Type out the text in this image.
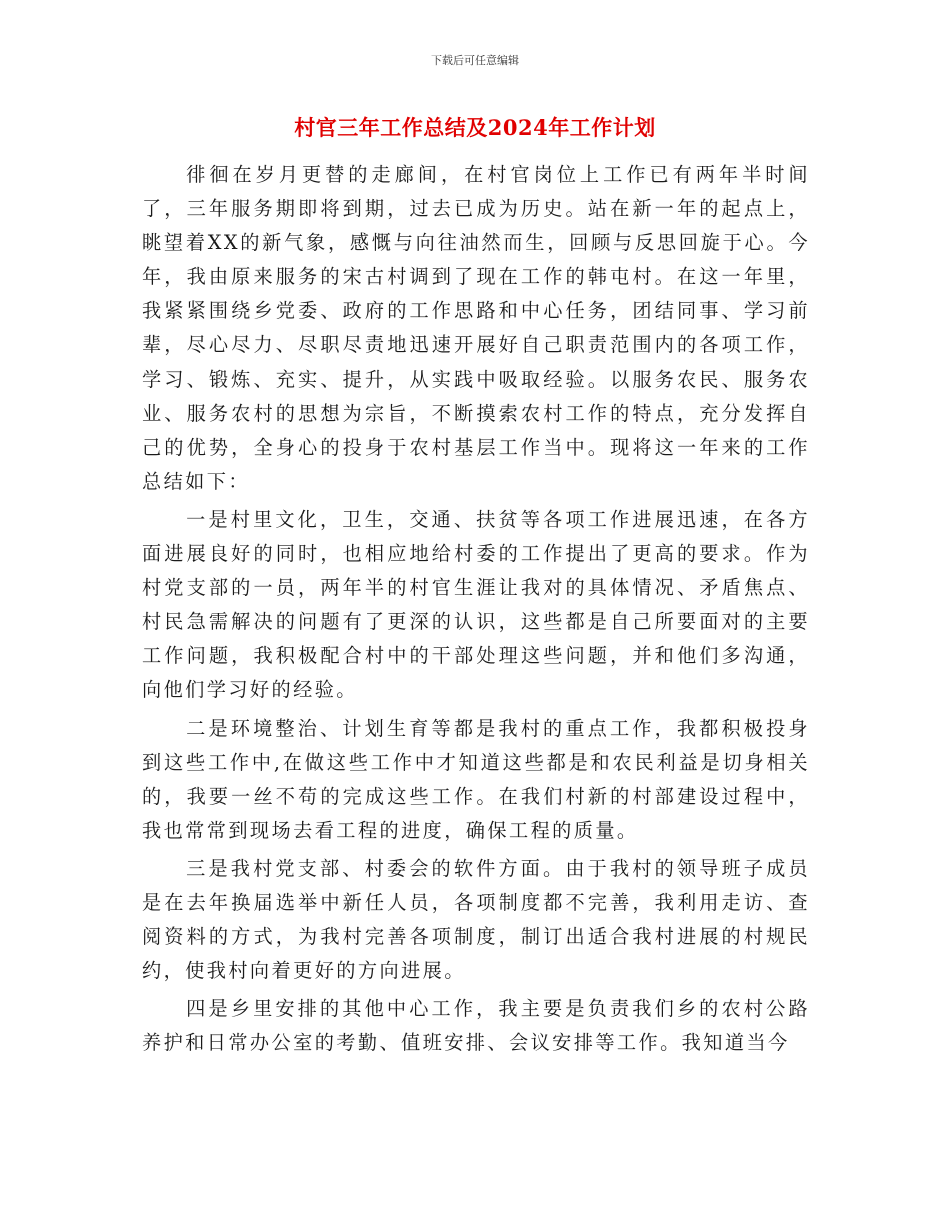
下载后可任意编辑
村官三年工作总结及2024年工作计划

徘徊在岁月更替的走廊间，在村官岗位上工作已有两年半时间了，三年服务期即将到期，过去已成为历史。站在新一年的起点上，眺望着XX的新气象，感慨与向往油然而生，回顾与反思回旋于心。今年，我由原来服务的宋古村调到了现在工作的韩屯村。在这一年里，我紧紧围绕乡党委、政府的工作思路和中心任务，团结同事、学习前辈，尽心尽力、尽职尽责地迅速开展好自己职责范围内的各项工作，学习、锻炼、充实、提升，从实践中吸取经验。以服务农民、服务农业、服务农村的思想为宗旨，不断摸索农村工作的特点，充分发挥自己的优势，全身心的投身于农村基层工作当中。现将这一年来的工作总结如下：

一是村里文化，卫生，交通、扶贫等各项工作进展迅速，在各方面进展良好的同时，也相应地给村委的工作提出了更高的要求。作为村党支部的一员，两年半的村官生涯让我对的具体情况、矛盾焦点、村民急需解决的问题有了更深的认识，这些都是自己所要面对的主要工作问题，我积极配合村中的干部处理这些问题，并和他们多沟通，向他们学习好的经验。

二是环境整治、计划生育等都是我村的重点工作，我都积极投身到这些工作中,在做这些工作中才知道这些都是和农民利益是切身相关的，我要一丝不苟的完成这些工作。在我们村新的村部建设过程中，我也常常到现场去看工程的进度，确保工程的质量。

三是我村党支部、村委会的软件方面。由于我村的领导班子成员是在去年换届选举中新任人员，各项制度都不完善，我利用走访、查阅资料的方式，为我村完善各项制度，制订出适合我村进展的村规民约，使我村向着更好的方向进展。

四是乡里安排的其他中心工作，我主要是负责我们乡的农村公路养护和日常办公室的考勤、值班安排、会议安排等工作。我知道当今
